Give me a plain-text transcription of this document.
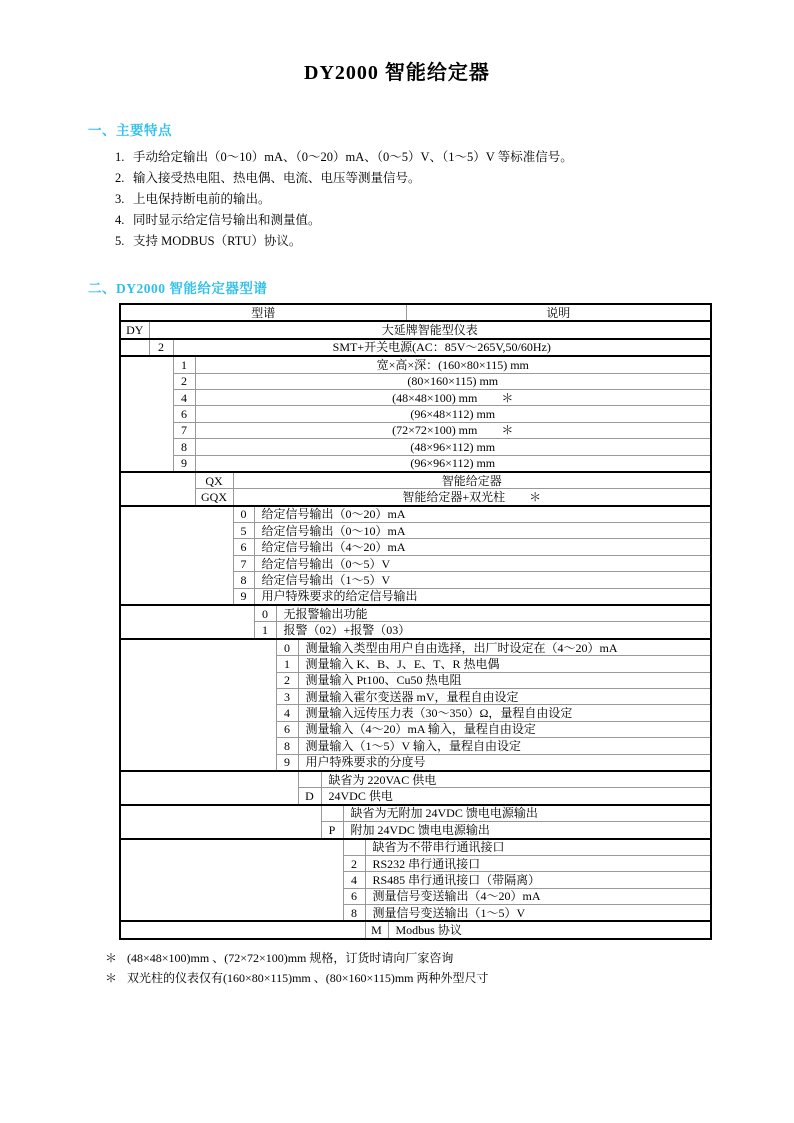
DY2000 智能给定器
一、主要特点
1. 手动给定输出（0～10）mA、（0～20）mA、（0～5）V、（1～5）V 等标准信号。
2. 输入接受热电阻、热电偶、电流、电压等测量信号。
3. 上电保持断电前的输出。
4. 同时显示给定信号输出和测量值。
5. 支持 MODBUS（RTU）协议。
二、DY2000 智能给定器型谱
型谱												说明
DY	大延牌智能型仪表											
	2	SMT+开关电源(AC：85V～265V,50/60Hz)										
		1	宽×高×深：(160×80×115) mm									
		2	(80×160×115) mm									
		4	(48×48×100) mm　　＊									
		6	(96×48×112) mm									
		7	(72×72×100) mm　　＊									
		8	(48×96×112) mm									
		9	(96×96×112) mm									
			QX	智能给定器								
			GQX	智能给定器+双光柱　　＊								
				0	给定信号输出（0～20）mA							
				5	给定信号输出（0～10）mA							
				6	给定信号输出（4～20）mA							
				7	给定信号输出（0～5）V							
				8	给定信号输出（1～5）V							
				9	用户特殊要求的给定信号输出							
					0	无报警输出功能						
					1	报警（02）+报警（03）						
						0	测量输入类型由用户自由选择，出厂时设定在（4～20）mA					
						1	测量输入 K、B、J、E、T、R 热电偶					
						2	测量输入 Pt100、Cu50 热电阻					
						3	测量输入霍尔变送器 mV，量程自由设定					
						4	测量输入远传压力表（30～350）Ω，量程自由设定					
						6	测量输入（4～20）mA 输入，量程自由设定					
						8	测量输入（1～5）V 输入，量程自由设定					
						9	用户特殊要求的分度号					
								缺省为 220VAC 供电				
							D	24VDC 供电				
									缺省为无附加 24VDC 馈电电源输出			
								P	附加 24VDC 馈电电源输出			
										缺省为不带串行通讯接口		
									2	RS232 串行通讯接口		
									4	RS485 串行通讯接口（带隔离）		
									6	测量信号变送输出（4～20）mA		
									8	测量信号变送输出（1～5）V		
										M	Modbus 协议	
＊ (48×48×100)mm 、(72×72×100)mm 规格，订货时请向厂家咨询
＊ 双光柱的仪表仅有(160×80×115)mm 、(80×160×115)mm 两种外型尺寸
